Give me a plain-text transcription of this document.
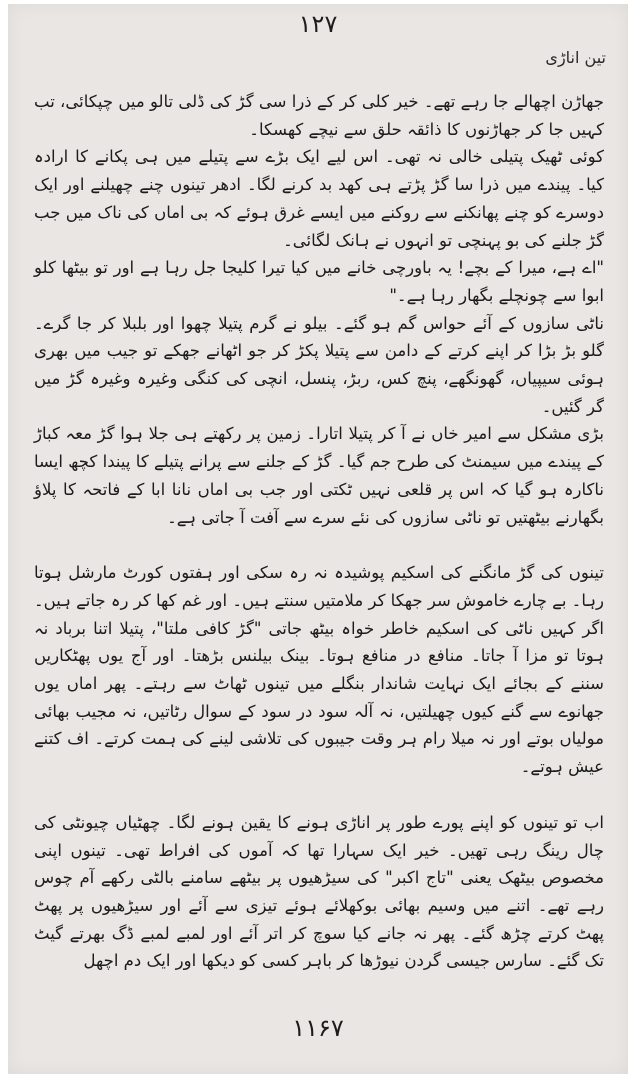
۱۲۷
تین اناڑی

جھاڑن اچھالے جا رہے تھے۔ خیر کلی کر کے ذرا سی گڑ کی ڈلی تالو میں چپکائی، تب کہیں جا کر جھاڑنوں کا ذائقہ حلق سے نیچے کھسکا۔

کوئی ٹھیک پتیلی خالی نہ تھی۔ اس لیے ایک بڑے سے پتیلے میں ہی پکانے کا ارادہ کیا۔ پیندے میں ذرا سا گڑ پڑتے ہی کھد بد کرنے لگا۔ ادھر تینوں چنے چھیلنے اور ایک دوسرے کو چنے پھانکنے سے روکنے میں ایسے غرق ہوئے کہ بی اماں کی ناک میں جب گڑ جلنے کی بو پہنچی تو انہوں نے ہانک لگائی۔

"اے ہے، میرا کے بچے! یہ باورچی خانے میں کیا تیرا کلیجا جل رہا ہے اور تو بیٹھا کلو ابوا سے چونچلے بگھار رہا ہے۔"

ناٹی سازوں کے آئے حواس گم ہو گئے۔ بیلو نے گرم پتیلا چھوا اور بلبلا کر جا گرے۔ گلو بڑ بڑا کر اپنے کرتے کے دامن سے پتیلا پکڑ کر جو اٹھانے جھکے تو جیب میں بھری ہوئی سیپیاں، گھونگھے، پنچ کس، ربڑ، پنسل، انچی کی کنگی وغیرہ وغیرہ گڑ میں گر گئیں۔

بڑی مشکل سے امیر خاں نے آ کر پتیلا اتارا۔ زمین پر رکھتے ہی جلا ہوا گڑ معہ کباڑ کے پیندے میں سیمنٹ کی طرح جم گیا۔ گڑ کے جلنے سے پرانے پتیلے کا پیندا کچھ ایسا ناکارہ ہو گیا کہ اس پر قلعی نہیں ٹکتی اور جب بی اماں نانا ابا کے فاتحہ کا پلاؤ بگھارنے بیٹھتیں تو ناٹی سازوں کی نئے سرے سے آفت آ جاتی ہے۔

تینوں کی گڑ مانگنے کی اسکیم پوشیدہ نہ رہ سکی اور ہفتوں کورٹ مارشل ہوتا رہا۔ بے چارے خاموش سر جھکا کر ملامتیں سنتے ہیں۔ اور غم کھا کر رہ جاتے ہیں۔ اگر کہیں ناٹی کی اسکیم خاطر خواہ بیٹھ جاتی "گڑ کافی ملتا"، پتیلا اتنا برباد نہ ہوتا تو مزا آ جاتا۔ منافع در منافع ہوتا۔ بینک بیلنس بڑھتا۔ اور آج یوں پھٹکاریں سننے کے بجائے ایک نہایت شاندار بنگلے میں تینوں ٹھاٹ سے رہتے۔ پھر اماں یوں جھانوے سے گنے کیوں چھیلتیں، نہ آلہ سود در سود کے سوال رٹاتیں، نہ مجیب بھائی مولیاں بوتے اور نہ میلا رام ہر وقت جیبوں کی تلاشی لینے کی ہمت کرتے۔ اف کتنے عیش ہوتے۔

اب تو تینوں کو اپنے پورے طور پر اناڑی ہونے کا یقین ہونے لگا۔ چھٹیاں چیونٹی کی چال رینگ رہی تھیں۔ خیر ایک سہارا تھا کہ آموں کی افراط تھی۔ تینوں اپنی مخصوص بیٹھک یعنی "تاج اکبر" کی سیڑھیوں پر بیٹھے سامنے بالٹی رکھے آم چوس رہے تھے۔ اتنے میں وسیم بھائی بوکھلائے ہوئے تیزی سے آئے اور سیڑھیوں پر پھٹ پھٹ کرتے چڑھ گئے۔ پھر نہ جانے کیا سوچ کر اتر آئے اور لمبے لمبے ڈگ بھرتے گیٹ تک گئے۔ سارس جیسی گردن نیوڑھا کر باہر کسی کو دیکھا اور ایک دم اچھل

۱۱۶۷
